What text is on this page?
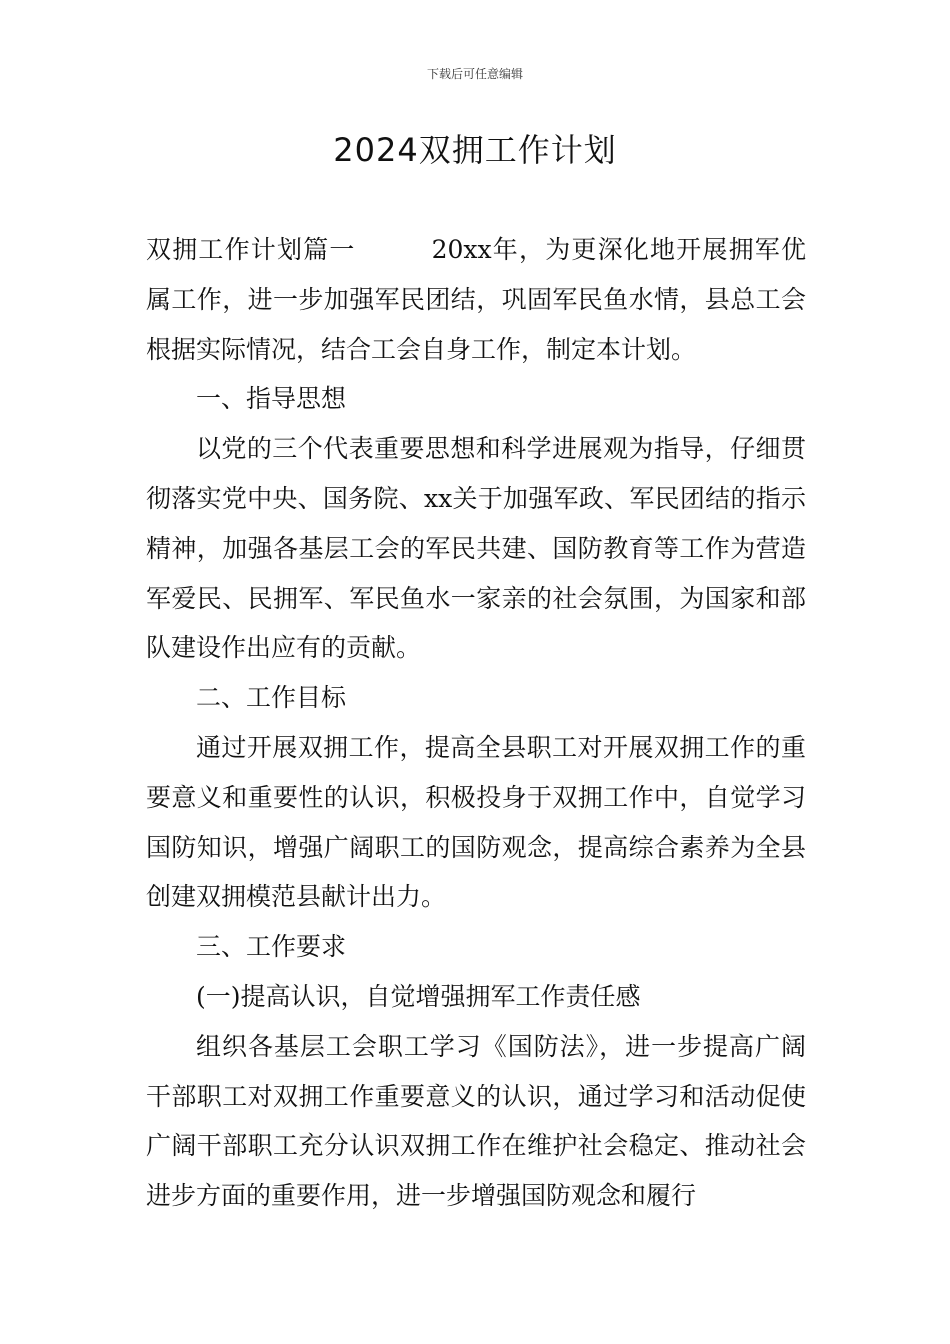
下载后可任意编辑
2024双拥工作计划

双拥工作计划篇一	20xx年，为更深化地开展拥军优属工作，进一步加强军民团结，巩固军民鱼水情，县总工会根据实际情况，结合工会自身工作，制定本计划。

一、指导思想

以党的三个代表重要思想和科学进展观为指导，仔细贯彻落实党中央、国务院、xx关于加强军政、军民团结的指示精神，加强各基层工会的军民共建、国防教育等工作为营造军爱民、民拥军、军民鱼水一家亲的社会氛围，为国家和部队建设作出应有的贡献。

二、工作目标

通过开展双拥工作，提高全县职工对开展双拥工作的重要意义和重要性的认识，积极投身于双拥工作中，自觉学习国防知识，增强广阔职工的国防观念，提高综合素养为全县创建双拥模范县献计出力。

三、工作要求

(一)提高认识，自觉增强拥军工作责任感

组织各基层工会职工学习《国防法》，进一步提高广阔干部职工对双拥工作重要意义的认识，通过学习和活动促使广阔干部职工充分认识双拥工作在维护社会稳定、推动社会进步方面的重要作用，进一步增强国防观念和履行
